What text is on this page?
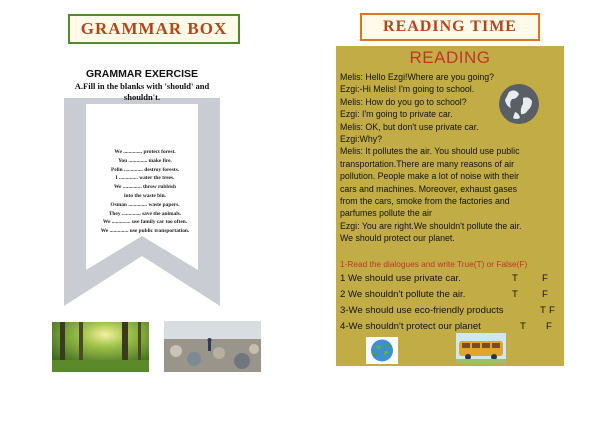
GRAMMAR BOX
GRAMMAR EXERCISE
A.Fill in the blanks with 'should' and shouldn't.
We .............. protect forest.
You .............. make fire.
Pelin .............. destroy forests.
I .............. water the trees.
We .............. throw rubbish
into the waste bin.
Osman .............. waste papers.
They .............. save the animals.
We .............. use family car too often.
We .............. use public transportation.
READING TIME
READING
Melis: Hello Ezgi!Where are you going?
Ezgi:-Hi Melis! I'm going to school.
Melis: How do you go to school?
Ezgi: I'm going to private car.
Melis: OK, but don't use private car.
Ezgi:Why?
Melis: It pollutes the air. You should use public
transportation.There are many reasons of air
pollution. People make a lot of noise with their
cars and machines. Moreover, exhaust gases
from the cars, smoke from the factories and
parfumes pollute the air
Ezgi: You are right.We shouldn't pollute the air.
We should protect our planet.
1-Read the dialogues and write True(T) or False(F)
1 We should use private car.	T	F
2 We shouldn't pollute the air.	T	F
3-We should use eco-friendly products	T F
4-We shouldn't protect our planet	T F
